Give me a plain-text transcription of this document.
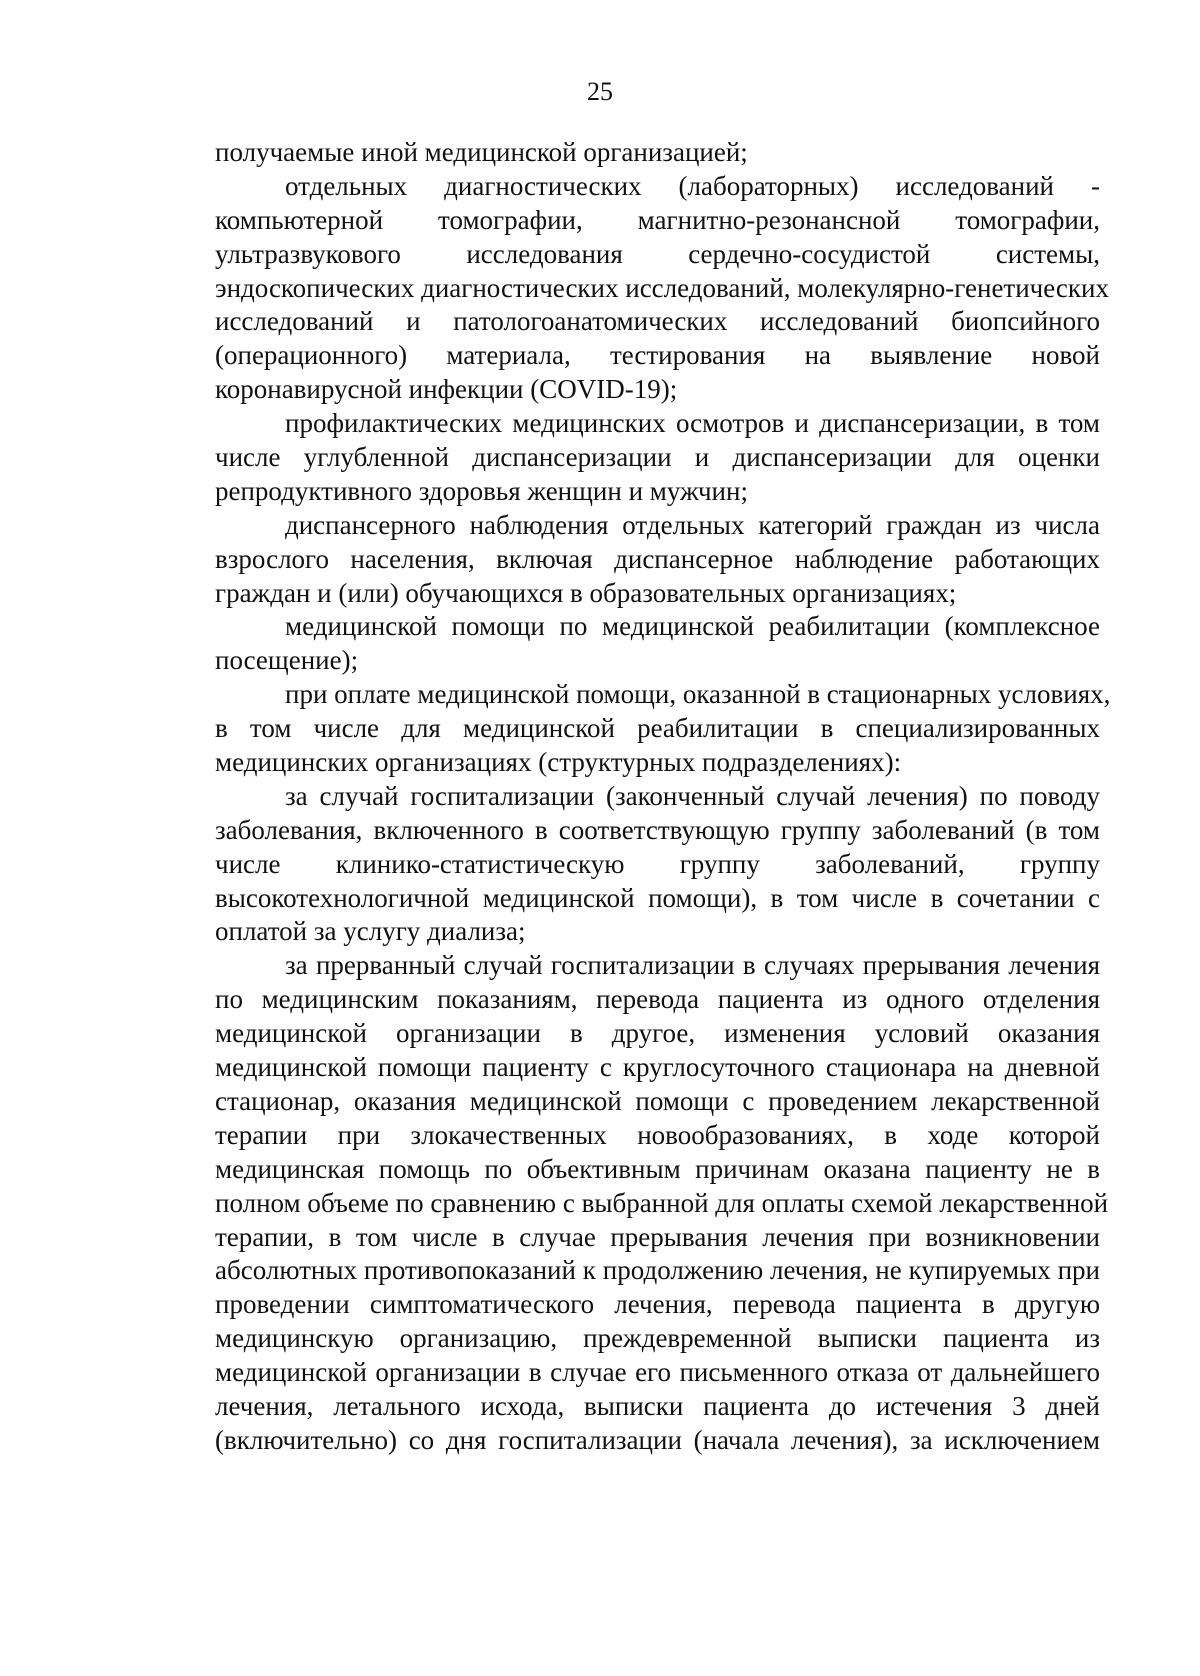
25
получаемые иной медицинской организацией;
отдельных диагностических (лабораторных) исследований -
компьютерной томографии, магнитно-резонансной томографии,
ультразвукового исследования сердечно-сосудистой системы,
эндоскопических диагностических исследований, молекулярно-генетических
исследований и патологоанатомических исследований биопсийного
(операционного) материала, тестирования на выявление новой
коронавирусной инфекции (COVID-19);
профилактических медицинских осмотров и диспансеризации, в том
числе углубленной диспансеризации и диспансеризации для оценки
репродуктивного здоровья женщин и мужчин;
диспансерного наблюдения отдельных категорий граждан из числа
взрослого населения, включая диспансерное наблюдение работающих
граждан и (или) обучающихся в образовательных организациях;
медицинской помощи по медицинской реабилитации (комплексное
посещение);
при оплате медицинской помощи, оказанной в стационарных условиях,
в том числе для медицинской реабилитации в специализированных
медицинских организациях (структурных подразделениях):
за случай госпитализации (законченный случай лечения) по поводу
заболевания, включенного в соответствующую группу заболеваний (в том
числе клинико-статистическую группу заболеваний, группу
высокотехнологичной медицинской помощи), в том числе в сочетании с
оплатой за услугу диализа;
за прерванный случай госпитализации в случаях прерывания лечения
по медицинским показаниям, перевода пациента из одного отделения
медицинской организации в другое, изменения условий оказания
медицинской помощи пациенту с круглосуточного стационара на дневной
стационар, оказания медицинской помощи с проведением лекарственной
терапии при злокачественных новообразованиях, в ходе которой
медицинская помощь по объективным причинам оказана пациенту не в
полном объеме по сравнению с выбранной для оплаты схемой лекарственной
терапии, в том числе в случае прерывания лечения при возникновении
абсолютных противопоказаний к продолжению лечения, не купируемых при
проведении симптоматического лечения, перевода пациента в другую
медицинскую организацию, преждевременной выписки пациента из
медицинской организации в случае его письменного отказа от дальнейшего
лечения, летального исхода, выписки пациента до истечения 3 дней
(включительно) со дня госпитализации (начала лечения), за исключением
